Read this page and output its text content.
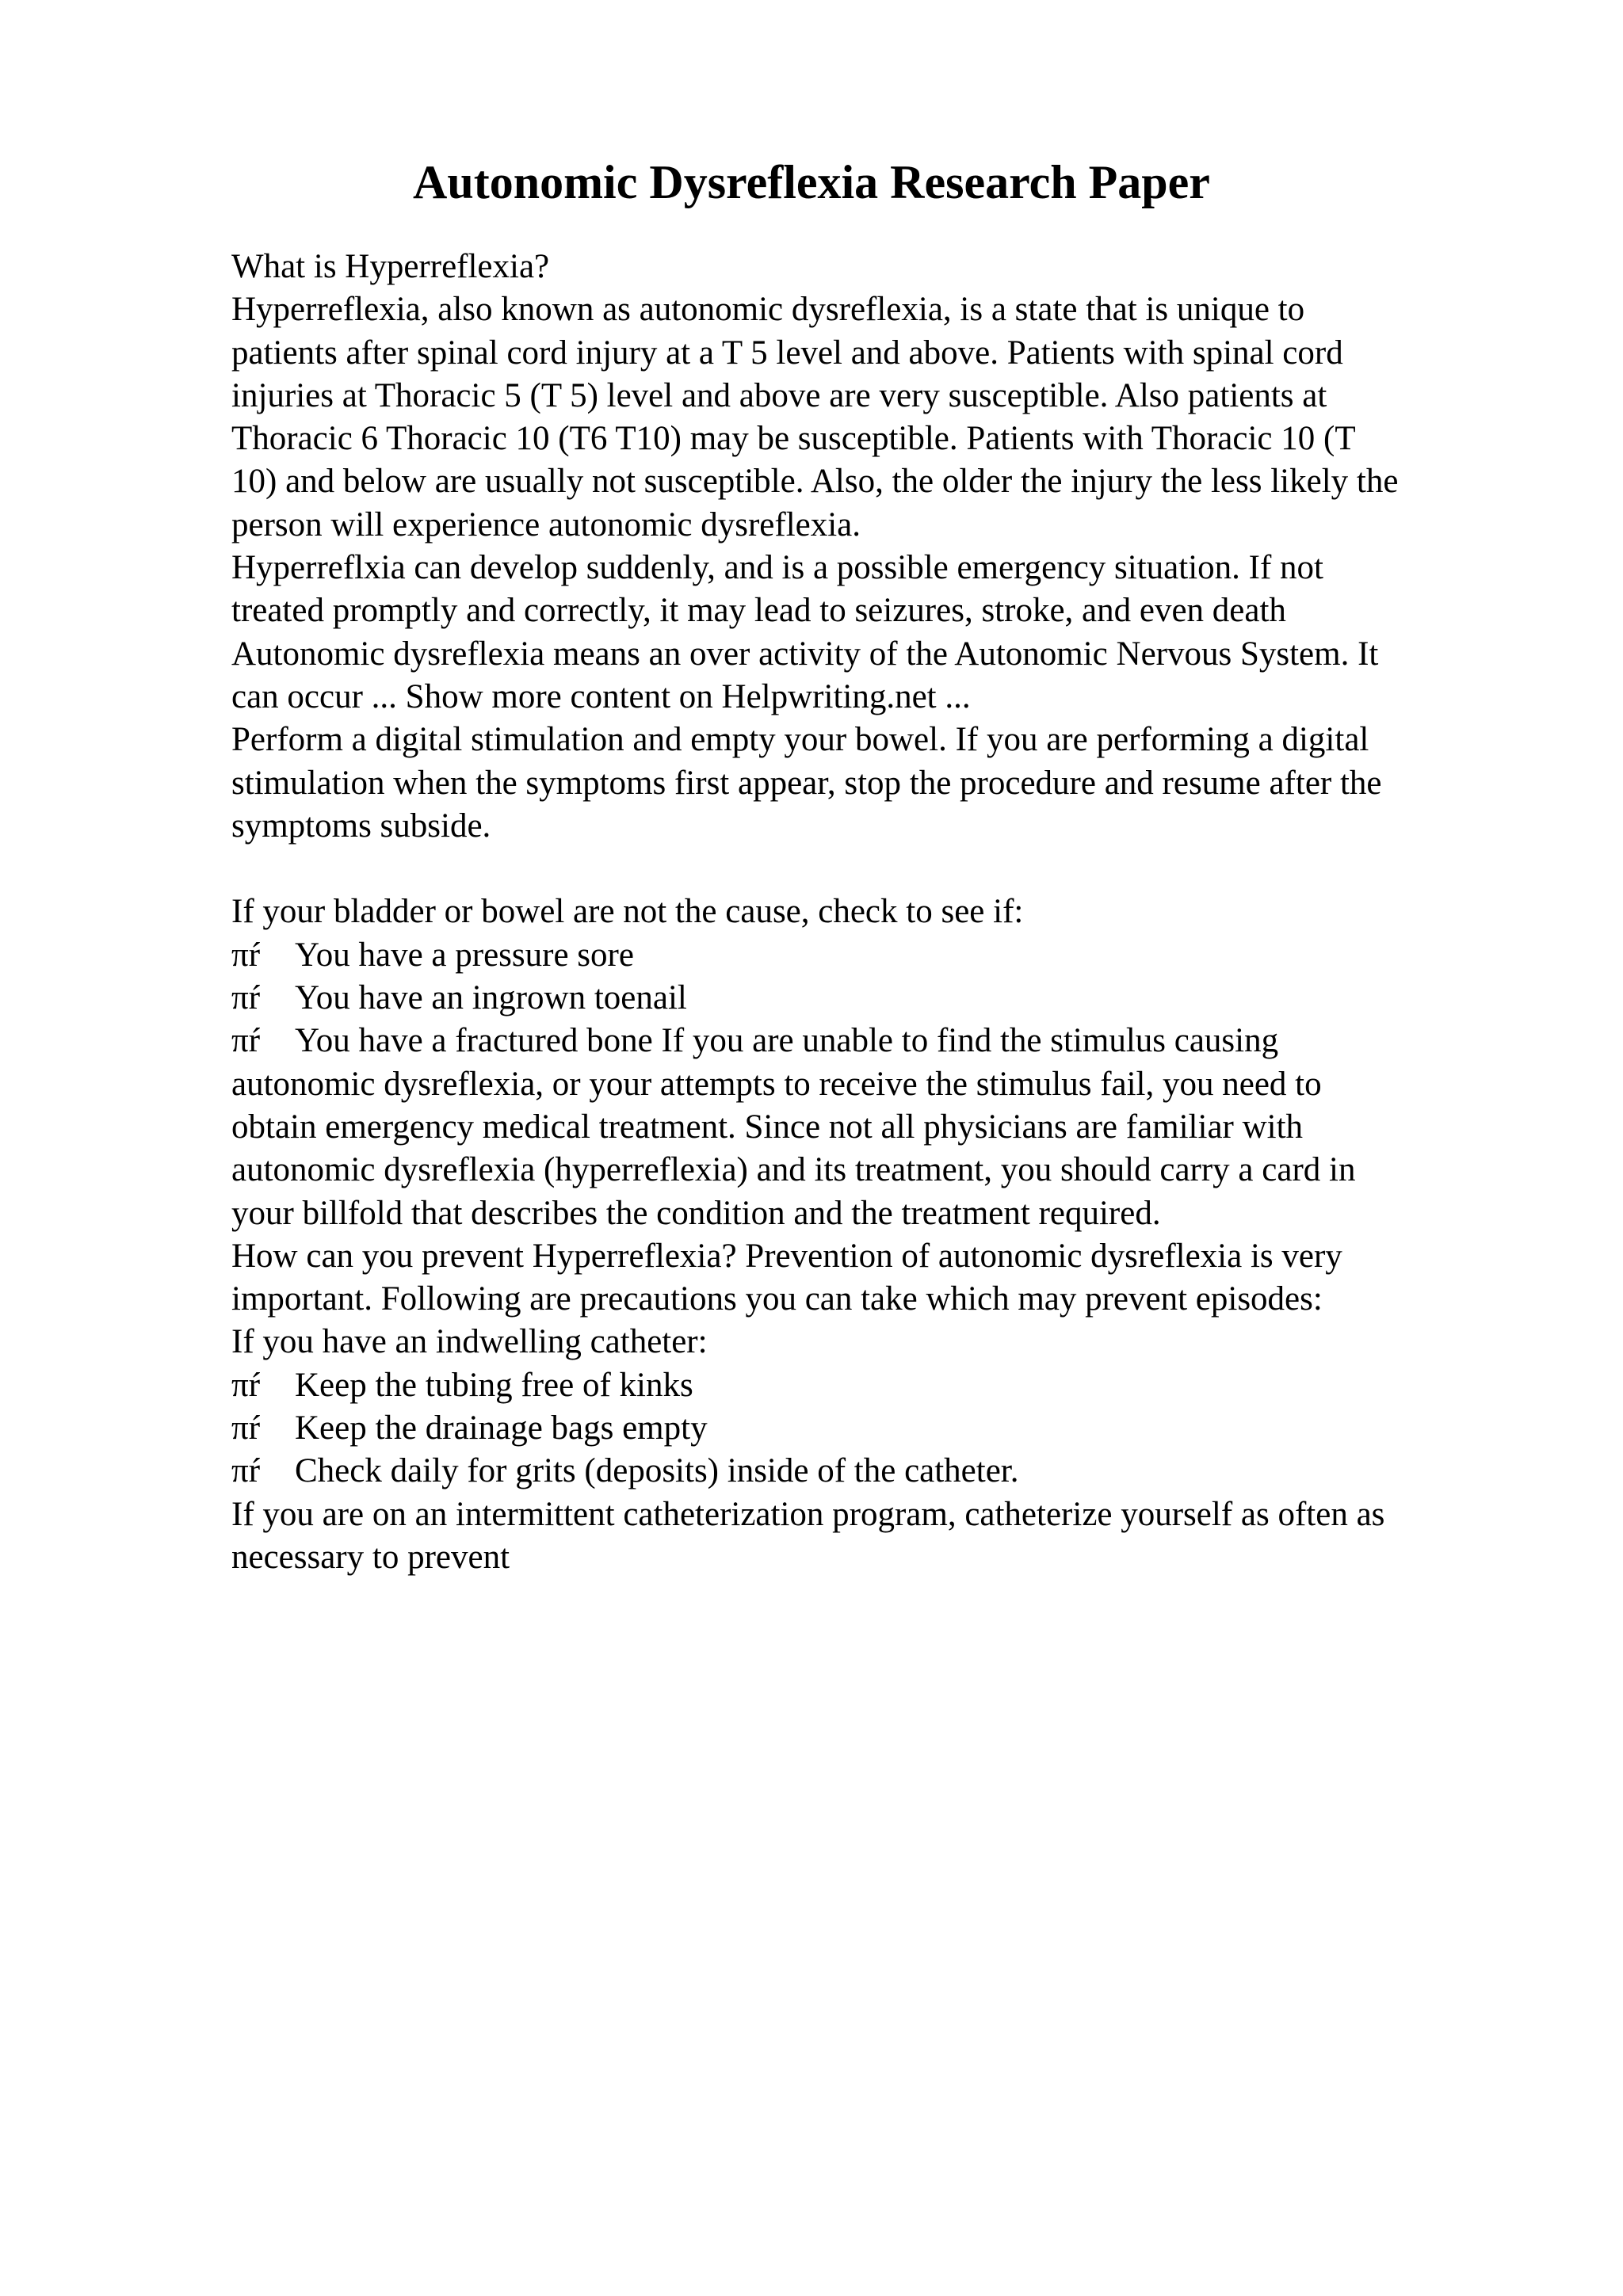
Autonomic Dysreflexia Research Paper
What is Hyperreflexia?
Hyperreflexia, also known as autonomic dysreflexia, is a state that is unique to
patients after spinal cord injury at a T 5 level and above. Patients with spinal cord
injuries at Thoracic 5 (T 5) level and above are very susceptible. Also patients at
Thoracic 6 Thoracic 10 (T6 T10) may be susceptible. Patients with Thoracic 10 (T
10) and below are usually not susceptible. Also, the older the injury the less likely the
person will experience autonomic dysreflexia.
Hyperreflxia can develop suddenly, and is a possible emergency situation. If not
treated promptly and correctly, it may lead to seizures, stroke, and even death
Autonomic dysreflexia means an over activity of the Autonomic Nervous System. It
can occur ... Show more content on Helpwriting.net ...
Perform a digital stimulation and empty your bowel. If you are performing a digital
stimulation when the symptoms first appear, stop the procedure and resume after the
symptoms subside.
If your bladder or bowel are not the cause, check to see if:
πŕ You have a pressure sore
πŕ You have an ingrown toenail
πŕ You have a fractured bone If you are unable to find the stimulus causing
autonomic dysreflexia, or your attempts to receive the stimulus fail, you need to
obtain emergency medical treatment. Since not all physicians are familiar with
autonomic dysreflexia (hyperreflexia) and its treatment, you should carry a card in
your billfold that describes the condition and the treatment required.
How can you prevent Hyperreflexia? Prevention of autonomic dysreflexia is very
important. Following are precautions you can take which may prevent episodes:
If you have an indwelling catheter:
πŕ Keep the tubing free of kinks
πŕ Keep the drainage bags empty
πŕ Check daily for grits (deposits) inside of the catheter.
If you are on an intermittent catheterization program, catheterize yourself as often as
necessary to prevent
